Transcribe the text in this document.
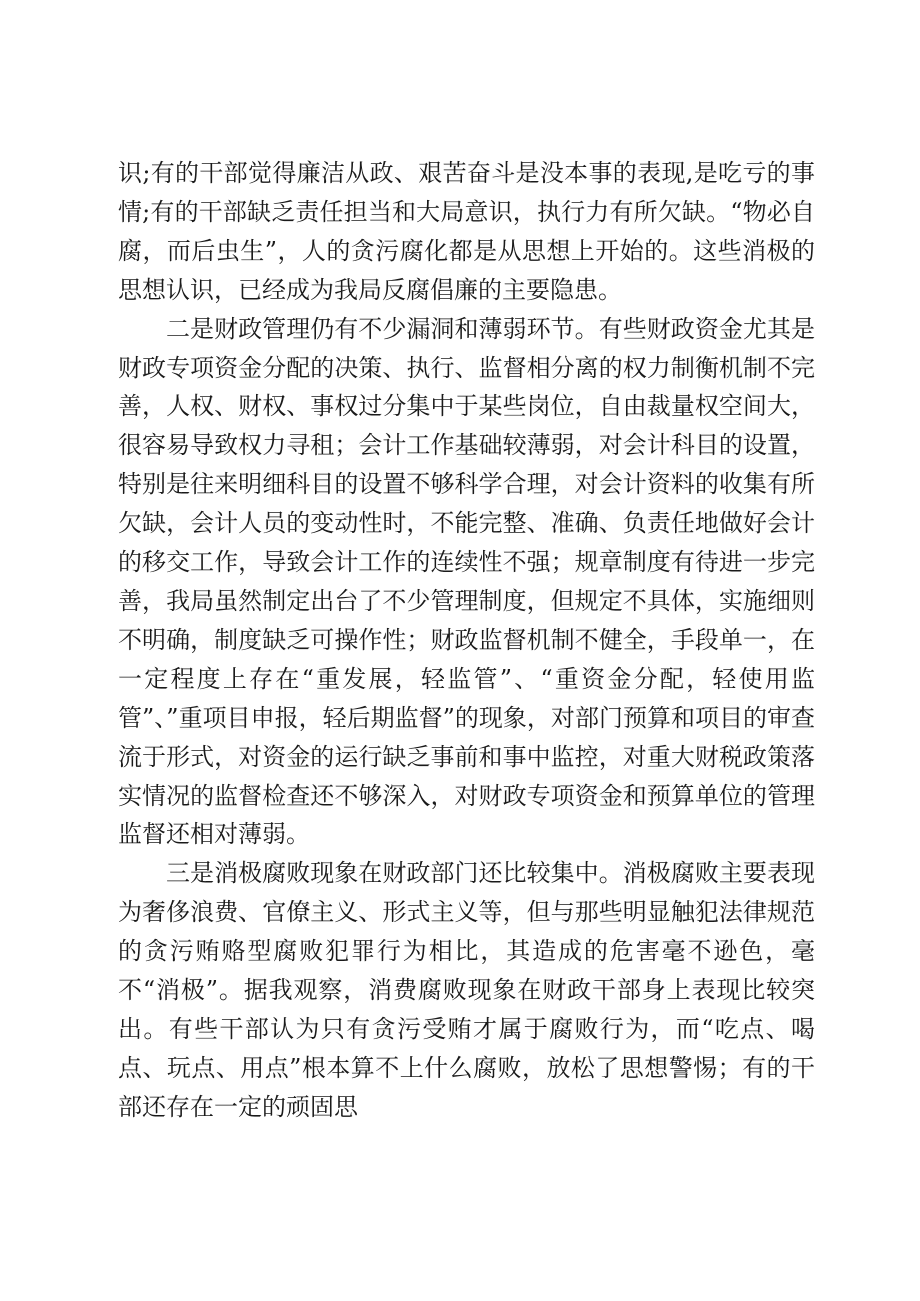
识;有的干部觉得廉洁从政、艰苦奋斗是没本事的表现,是吃亏的事情;有的干部缺乏责任担当和大局意识，执行力有所欠缺。“物必自腐，而后虫生”，人的贪污腐化都是从思想上开始的。这些消极的思想认识，已经成为我局反腐倡廉的主要隐患。

二是财政管理仍有不少漏洞和薄弱环节。有些财政资金尤其是财政专项资金分配的决策、执行、监督相分离的权力制衡机制不完善，人权、财权、事权过分集中于某些岗位，自由裁量权空间大，很容易导致权力寻租；会计工作基础较薄弱，对会计科目的设置，特别是往来明细科目的设置不够科学合理，对会计资料的收集有所欠缺，会计人员的变动性时，不能完整、准确、负责任地做好会计的移交工作，导致会计工作的连续性不强；规章制度有待进一步完善，我局虽然制定出台了不少管理制度，但规定不具体，实施细则不明确，制度缺乏可操作性；财政监督机制不健全，手段单一，在一定程度上存在“重发展，轻监管”、“重资金分配，轻使用监管”、”重项目申报，轻后期监督”的现象，对部门预算和项目的审查流于形式，对资金的运行缺乏事前和事中监控，对重大财税政策落实情况的监督检查还不够深入，对财政专项资金和预算单位的管理监督还相对薄弱。

三是消极腐败现象在财政部门还比较集中。消极腐败主要表现为奢侈浪费、官僚主义、形式主义等，但与那些明显触犯法律规范的贪污贿赂型腐败犯罪行为相比，其造成的危害毫不逊色，毫不“消极”。据我观察，消费腐败现象在财政干部身上表现比较突出。有些干部认为只有贪污受贿才属于腐败行为，而“吃点、喝点、玩点、用点”根本算不上什么腐败，放松了思想警惕；有的干部还存在一定的顽固思
